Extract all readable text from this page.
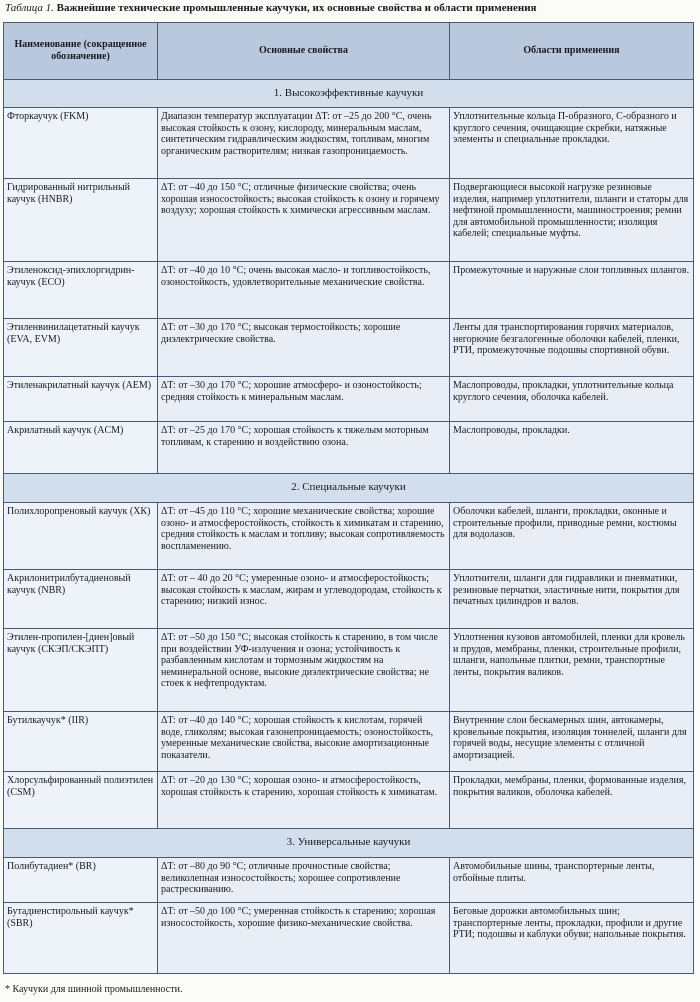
Таблица 1. Важнейшие технические промышленные каучуки, их основные свойства и области применения
Наименование (сокращенное обозначение)	Основные свойства	Области применения
1. Высокоэффективные каучуки		
Фторкаучук (FKM)	Диапазон температур эксплуатации ΔT: от –25 до 200 °С, очень высокая стойкость к озону, кислороду, минеральным маслам, синтетическим гидравлическим жидкостям, топливам, многим органическим растворителям; низкая газопроницаемость.	Уплотнительные кольца П-образного, С-образного и круглого сечения, очищающие скребки, натяжные элементы и специальные прокладки.
Гидрированный нитрильный каучук (HNBR)	ΔT: от –40 до 150 °С; отличные физические свойства; очень хорошая износостойкость; высокая стойкость к озону и горячему воздуху; хорошая стойкость к химически агрессивным маслам.	Подвергающиеся высокой нагрузке резиновые изделия, например уплотнители, шланги и статоры для нефтяной промышленности, машиностроения; ремни для автомобильной промышленности; изоляция кабелей; специальные муфты.
Этиленоксид-эпихлоргидрин-каучук (ECO)	ΔT: от –40 до 10 °С; очень высокая масло- и топливостойкость, озоностойкость, удовлетворительные механические свойства.	Промежуточные и наружные слои топливных шлангов.
Этиленвинилацетатный каучук (EVA, EVM)	ΔT: от –30 до 170 °С; высокая термостойкость; хорошие диэлектрические свойства.	Ленты для транспортирования горячих материалов, негорючие безгалогенные оболочки кабелей, пленки, РТИ, промежуточные подошвы спортивной обуви.
Этиленакрилатный каучук (AEM)	ΔT: от –30 до 170 °С; хорошие атмосферо- и озоностойкость; средняя стойкость к минеральным маслам.	Маслопроводы, прокладки, уплотнительные кольца круглого сечения, оболочка кабелей.
Акрилатный каучук (ACM)	ΔT: от –25 до 170 °С; хорошая стойкость к тяжелым моторным топливам, к старению и воздействию озона.	Маслопроводы, прокладки.
2. Специальные каучуки		
Полихлоропреновый каучук (ХК)	ΔT: от –45 до 110 °С; хорошие механические свойства; хорошие озоно- и атмосферостойкость, стойкость к химикатам и старению, средняя стойкость к маслам и топливу; высокая сопротивляемость воспламенению.	Оболочки кабелей, шланги, прокладки, оконные и строительные профили, приводные ремни, костюмы для водолазов.
Акрилонитрилбутадиеновый каучук (NBR)	ΔT: от – 40 до 20 °С; умеренные озоно- и атмосферостойкость; высокая стойкость к маслам, жирам и углеводородам, стойкость к старению; низкий износ.	Уплотнители, шланги для гидравлики и пневматики, резиновые перчатки, эластичные нити, покрытия для печатных цилиндров и валов.
Этилен-пропилен-[диен]овый каучук (СКЭП/СКЭПТ)	ΔT: от –50 до 150 °С; высокая стойкость к старению, в том числе при воздействии УФ-излучения и озона; устойчивость к разбавленным кислотам и тормозным жидкостям на неминеральной основе, высокие диэлектрические свойства; не стоек к нефтепродуктам.	Уплотнения кузовов автомобилей, пленки для кровель и прудов, мембраны, пленки, строительные профили, шланги, напольные плитки, ремни, транспортные ленты, покрытия валиков.
Бутилкаучук* (IIR)	ΔT: от –40 до 140 °С; хорошая стойкость к кислотам, горячей воде, гликолям; высокая газонепроницаемость; озоностойкость, умеренные механические свойства, высокие амортизационные показатели.	Внутренние слои бескамерных шин, автокамеры, кровельные покрытия, изоляция тоннелей, шланги для горячей воды, несущие элементы с отличной амортизацией.
Хлорсульфированный полиэтилен (CSM)	ΔT: от –20 до 130 °С; хорошая озоно- и атмосферостойкость, хорошая стойкость к старению, хорошая стойкость к химикатам.	Прокладки, мембраны, пленки, формованные изделия, покрытия валиков, оболочка кабелей.
3. Универсальные каучуки		
Полибутадиен* (BR)	ΔT: от –80 до 90 °С; отличные прочностные свойства; великолепная износостойкость; хорошее сопротивление растрескиванию.	Автомобильные шины, транспортерные ленты, отбойные плиты.
Бутадиенстирольный каучук* (SBR)	ΔT: от –50 до 100 °С; умеренная стойкость к старению; хорошая износостойкость, хорошие физико-механические свойства.	Беговые дорожки автомобильных шин; транспортерные ленты, прокладки, профили и другие РТИ; подошвы и каблуки обуви; напольные покрытия.
* Каучуки для шинной промышленности.
